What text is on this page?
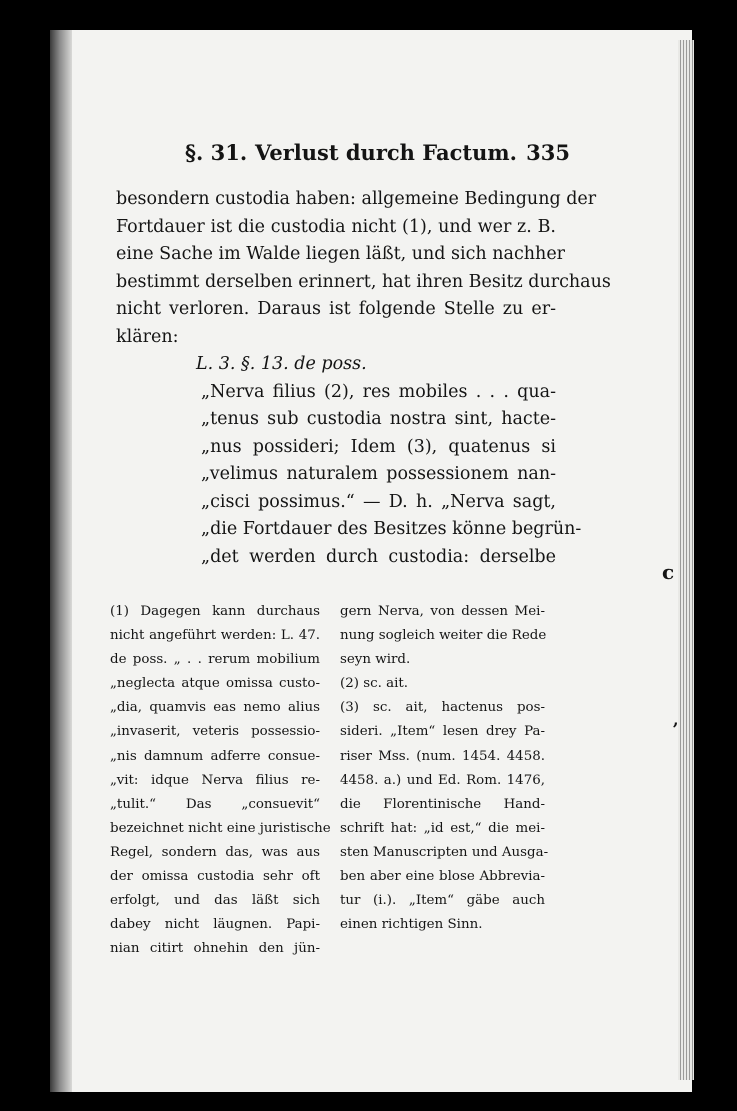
§. 31. Verlust durch Factum. 335
besondern custodia haben: allgemeine Bedingung der
Fortdauer ist die custodia nicht (1), und wer z. B.
eine Sache im Walde liegen läßt, und sich nachher
bestimmt derselben erinnert, hat ihren Besitz durchaus
nicht verloren. Daraus ist folgende Stelle zu er-
klären:
L. 3. §. 13. de poss.
„Nerva filius (2), res mobiles . . . qua-
„tenus sub custodia nostra sint, hacte-
„nus possideri; Idem (3), quatenus si
„velimus naturalem possessionem nan-
„cisci possimus.“ — D. h. „Nerva sagt,
„die Fortdauer des Besitzes könne begrün-
„det werden durch custodia: derselbe
(1) Dagegen kann durchaus
nicht angeführt werden: L. 47.
de poss. „ . . rerum mobilium
„neglecta atque omissa custo-
„dia, quamvis eas nemo alius
„invaserit, veteris possessio-
„nis damnum adferre consue-
„vit: idque Nerva filius re-
„tulit.“ Das „consuevit“
bezeichnet nicht eine juristische
Regel, sondern das, was aus
der omissa custodia sehr oft
erfolgt, und das läßt sich
dabey nicht läugnen. Papi-
nian citirt ohnehin den jün-
gern Nerva, von dessen Mei-
nung sogleich weiter die Rede
seyn wird.
(2) sc. ait.
(3) sc. ait, hactenus pos-
sideri. „Item“ lesen drey Pa-
riser Mss. (num. 1454. 4458.
4458. a.) und Ed. Rom. 1476,
die Florentinische Hand-
schrift hat: „id est,“ die mei-
sten Manuscripten und Ausga-
ben aber eine blose Abbrevia-
tur (i.). „Item“ gäbe auch
einen richtigen Sinn.
c
,
